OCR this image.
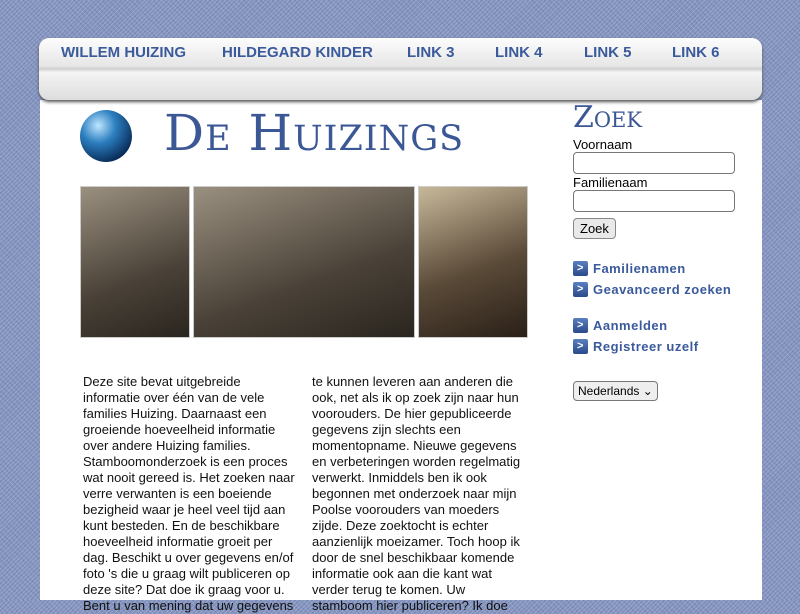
WILLEM HUIZING HILDEGARD KINDER LINK 3	LINK 4	LINK 5	LINK 6
De Huizings
Deze site bevat uitgebreide
informatie over één van de vele
families Huizing. Daarnaast een
groeiende hoeveelheid informatie
over andere Huizing families.
Stamboomonderzoek is een proces
wat nooit gereed is. Het zoeken naar
verre verwanten is een boeiende
bezigheid waar je heel veel tijd aan
kunt besteden. En de beschikbare
hoeveelheid informatie groeit per
dag. Beschikt u over gegevens en/of
foto 's die u graag wilt publiceren op
deze site? Dat doe ik graag voor u.
Bent u van mening dat uw gegevens
te kunnen leveren aan anderen die
ook, net als ik op zoek zijn naar hun
voorouders. De hier gepubliceerde
gegevens zijn slechts een
momentopname. Nieuwe gegevens
en verbeteringen worden regelmatig
verwerkt. Inmiddels ben ik ook
begonnen met onderzoek naar mijn
Poolse voorouders van moeders
zijde. Deze zoektocht is echter
aanzienlijk moeizamer. Toch hoop ik
door de snel beschikbaar komende
informatie ook aan die kant wat
verder terug te komen. Uw
stamboom hier publiceren? Ik doe
Zoek
Voornaam
Familienaam
Zoek
> Familienamen
> Geavanceerd zoeken
> Aanmelden
> Registreer uzelf
Nederlands ⌄
